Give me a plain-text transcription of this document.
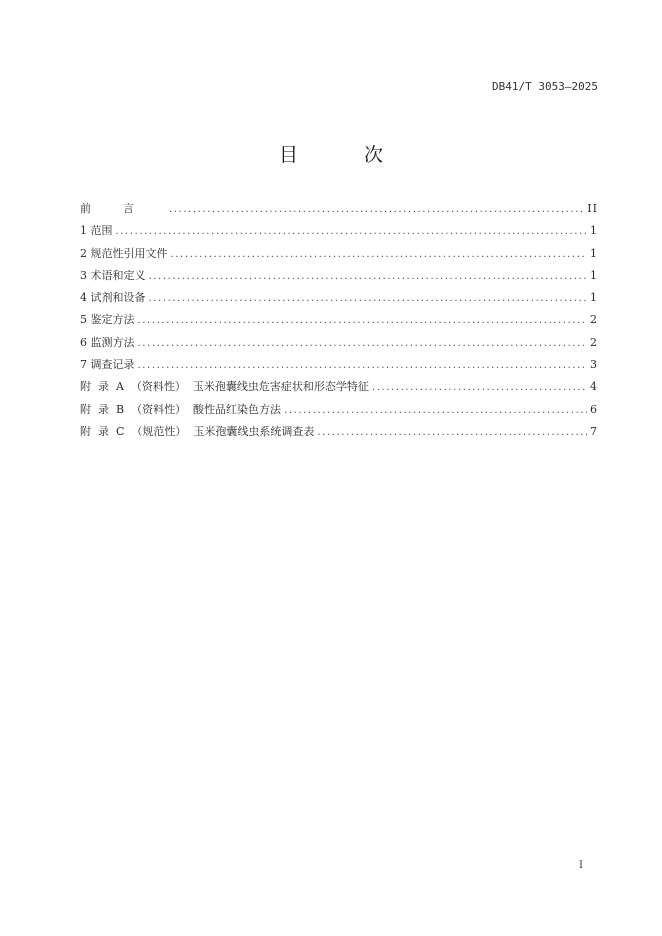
DB41/T 3053—2025
目 次
前言 .....	II
1 范围 .....	1
2 规范性引用文件 .....	1
3 术语和定义 .....	1
4 试剂和设备 .....	1
5 鉴定方法 .....	2
6 监测方法 .....	2
7 调查记录 .....	3
附  录  A  （资料性）  玉米孢囊线虫危害症状和形态学特征 .....	4
附  录  B  （资料性）  酸性品红染色方法 .....	6
附  录  C  （规范性）  玉米孢囊线虫系统调查表 .....	7
I
